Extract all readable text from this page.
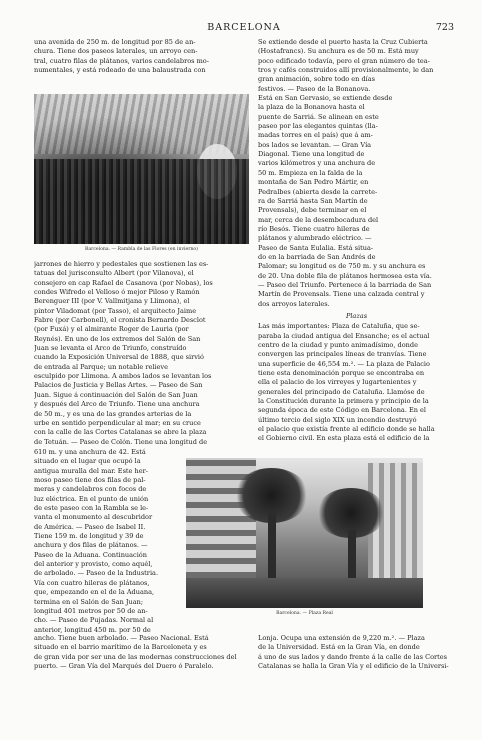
BARCELONA	723

una avenida de 250 m. de longitud por 85 de an-

chura. Tiene dos paseos laterales, un arroyo cen-

tral, cuatro filas de plátanos, varios candelabros mo-

numentales, y está rodeado de una balaustrada con

Barcelona. — Rambla de las Flores (en invierno)

Se extiende desde el puerto hasta la Cruz Cubierta

(Hostafrancs). Su anchura es de 50 m. Está muy

poco edificado todavía, pero el gran número de tea-

tros y cafés construidos allí provisionalmente, le dan

gran animación, sobre todo en días

festivos. — Paseo de la Bonanova.

Está en San Gervasio, se extiende desde

la plaza de la Bonanova hasta el

puente de Sarriá. Se alinean en este

paseo por las elegantes quintas (lla-

madas torres en el país) que á am-

bos lados se levantan. — Gran Vía

Diagonal. Tiene una longitud de

varios kilómetros y una anchura de

50 m. Empieza en la falda de la

montaña de San Pedro Mártir, en

Pedralbes (abierta desde la carrete-

ra de Sarriá hasta San Martín de

Provensals), debe terminar en el

mar, cerca de la desembocadura del

río Besós. Tiene cuatro hileras de

plátanos y alumbrado eléctrico. —

Paseo de Santa Eulalia. Está situa-

do en la barriada de San Andrés de

Palomar; su longitud es de 750 m. y su anchura es

de 20. Una doble fila de plátanos hermosea esta vía.

— Paseo del Triunfo. Pertenece á la barriada de San

Martín de Provensals. Tiene una calzada central y

dos arroyos laterales.

Plazas

Las más importantes: Plaza de Cataluña, que se-

paraba la ciudad antigua del Ensanche; es el actual

centro de la ciudad y punto animadísimo, donde

convergen las principales líneas de tranvías. Tiene

una superficie de 46,554 m.². — La plaza de Palacio

tiene esta denominación porque se encontraba en

ella el palacio de los virreyes y lugartenientes y

generales del principado de Cataluña. Llamóse de

la Constitución durante la primera y principio de la

segunda época de este Código en Barcelona. En el

último tercio del siglo XIX un incendio destruyó

el palacio que existía frente al edificio donde se halla

el Gobierno civil. En esta plaza está el edificio de la

jarrones de hierro y pedestales que sostienen las es-

tatuas del jurisconsulto Albert (por Vilanova), el

consejero en cap Rafael de Casanova (por Nobas), los

condes Wifredo el Velloso ó mejor Piloso y Ramón

Berenguer III (por V. Vallmitjana y Llimona), el

pintor Viladomat (por Tasso), el arquitecto Jaime

Fabre (por Carbonell), el cronista Bernardo Desclot

(por Fuxá) y el almirante Roger de Lauria (por

Reynés). En uno de los extremos del Salón de San

Juan se levanta el Arco de Triunfo, construído

cuando la Exposición Universal de 1888, que sirvió

de entrada al Parque; un notable relieve

esculpido por Llimona. A ambos lados se levantan los

Palacios de Justicia y Bellas Artes. — Paseo de San

Juan. Sigue á continuación del Salón de San Juan

y después del Arco de Triunfo. Tiene una anchura

de 50 m., y es una de las grandes arterias de la

urbe en sentido perpendicular al mar; en su cruce

con la calle de las Cortes Catalanas se abre la plaza

de Tetuán. — Paseo de Colón. Tiene una longitud de

610 m. y una anchura de 42. Está

situado en el lugar que ocupó la

antigua muralla del mar. Este her-

moso paseo tiene dos filas de pal-

meras y candelabros con focos de

luz eléctrica. En el punto de unión

de este paseo con la Rambla se le-

vanta el monumento al descubridor

de América. — Paseo de Isabel II.

Tiene 159 m. de longitud y 39 de

anchura y dos filas de plátanos. —

Paseo de la Aduana. Continuación

del anterior y provisto, como aquél,

de arbolado. — Paseo de la Industria.

Vía con cuatro hileras de plátanos,

que, empezando en el de la Aduana,

termina en el Salón de San Juan;

longitud 401 metros por 50 de an-

cho. — Paseo de Pujadas. Normal al

anterior, longitud 450 m. por 50 de

ancho. Tiene buen arbolado. — Paseo Nacional. Está

situado en el barrio marítimo de la Barceloneta y es

de gran vida por ser una de las modernas construcciones del

puerto. — Gran Vía del Marqués del Duero ó Paralelo.

Barcelona. — Plaza Real

Lonja. Ocupa una extensión de 9,220 m.². — Plaza

de la Universidad. Está en la Gran Vía, en donde

á uno de sus lados y dando frente á la calle de las Cortes

Catalanas se halla la Gran Vía y el edificio de la Universi-
